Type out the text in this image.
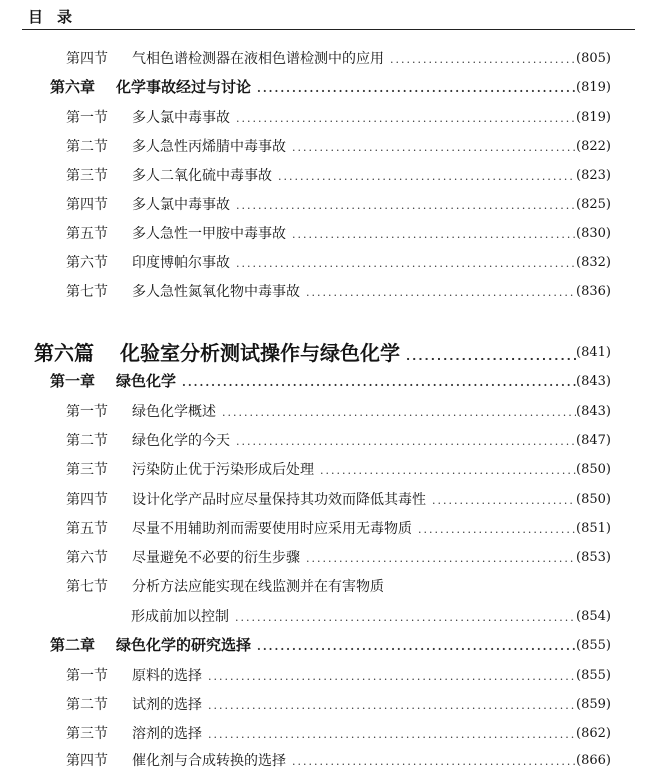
目录
第四节	气相色谱检测器在液相色谱检测中的应用 .....	(805)
第六章	化学事故经过与讨论 .....	(819)
第一节	多人氯中毒事故 .....	(819)
第二节	多人急性丙烯腈中毒事故 .....	(822)
第三节	多人二氧化硫中毒事故 .....	(823)
第四节	多人氯中毒事故 .....	(825)
第五节	多人急性一甲胺中毒事故 .....	(830)
第六节	印度博帕尔事故 .....	(832)
第七节	多人急性氮氧化物中毒事故 .....	(836)
第六篇	化验室分析测试操作与绿色化学 .....	(841)
第一章	绿色化学 .....	(843)
第一节	绿色化学概述 .....	(843)
第二节	绿色化学的今天 .....	(847)
第三节	污染防止优于污染形成后处理 .....	(850)
第四节	设计化学产品时应尽量保持其功效而降低其毒性 .....	(850)
第五节	尽量不用辅助剂而需要使用时应采用无毒物质 .....	(851)
第六节	尽量避免不必要的衍生步骤 .....	(853)
第七节 分析方法应能实现在线监测并在有害物质
形成前加以控制 .....	(854)
第二章	绿色化学的研究选择 .....	(855)
第一节	原料的选择 .....	(855)
第二节	试剂的选择 .....	(859)
第三节	溶剂的选择 .....	(862)
第四节	催化剂与合成转换的选择 .....	(866)
